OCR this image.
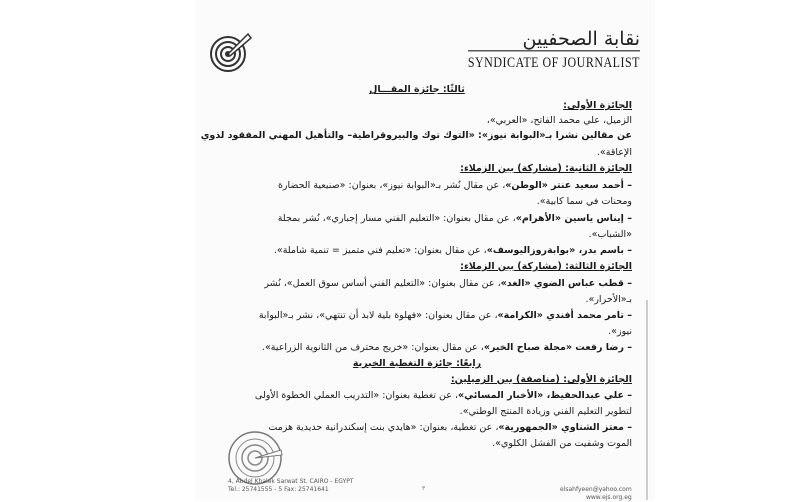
نقابة الصحفيين
SYNDICATE OF JOURNALIST
ثالثًا: جائزة المقـــال
الجائزة الأولى:
الزميل، علي محمد الفاتح، «العربي»،
عن مقالين نشرا بـ«البوابة نيوز»: «التوك توك والبيروقراطية– والتأهيل المهني المفقود لذوي
الإعاقة».
الجائزة الثانية: (مشاركة) بين الزملاء:
– أحمد سعيد عنتر «الوطن»، عن مقال نُشر بـ«البوابة نيوز»، بعنوان: «صنيعية الحضارة
ومحنات في سما كابية».
– إيناس ياسين «الأهرام»، عن مقال بعنوان: «التعليم الفني مسار إجباري»، نُشر بمجلة
«الشباب».
– باسم بدر، «بوابةروزاليوسف»، عن مقال بعنوان: «تعليم فني متميز = تنمية شاملة».
الجائزة الثالثة: (مشاركة) بين الزملاء:
– قطب عباس الضوي «الغد»، عن مقال بعنوان: «التعليم الفني أساس سوق العمل»، نُشر
بـ«الأحرار».
– تامر محمد أفندي «الكرامة»، عن مقال بعنوان: «فهلوة بلية لابد أن تنتهي»، نشر بـ«البوابة
نيوز».
– رضا رفعت «مجلة صباح الخير»، عن مقال بعنوان: «خريج محترف من الثانوية الزراعية».
رابعًا: جائزة التغطية الخبرية
الجائزة الأولى: (مناصفة) بين الزميلين:
– علي عبدالحفيظ، «الأخبار المسائي»، عن تغطية بعنوان: «التدريب العملي الخطوة الأولى
لتطوير التعليم الفني وزيادة المنتج الوطني».
– معتز الشناوي «الجمهورية»، عن تغطية، بعنوان: «هايدي بنت إسكندرانية حديدية هزمت
الموت وشفيت من الفشل الكلوي».
4, Abdel Khalek Sarwat St. CAIRO - EGYPT
Tel.: 25741555 - 5 Fax: 25741641	elsahfyeen@yahoo.com
www.ejs.org.eg
٣
